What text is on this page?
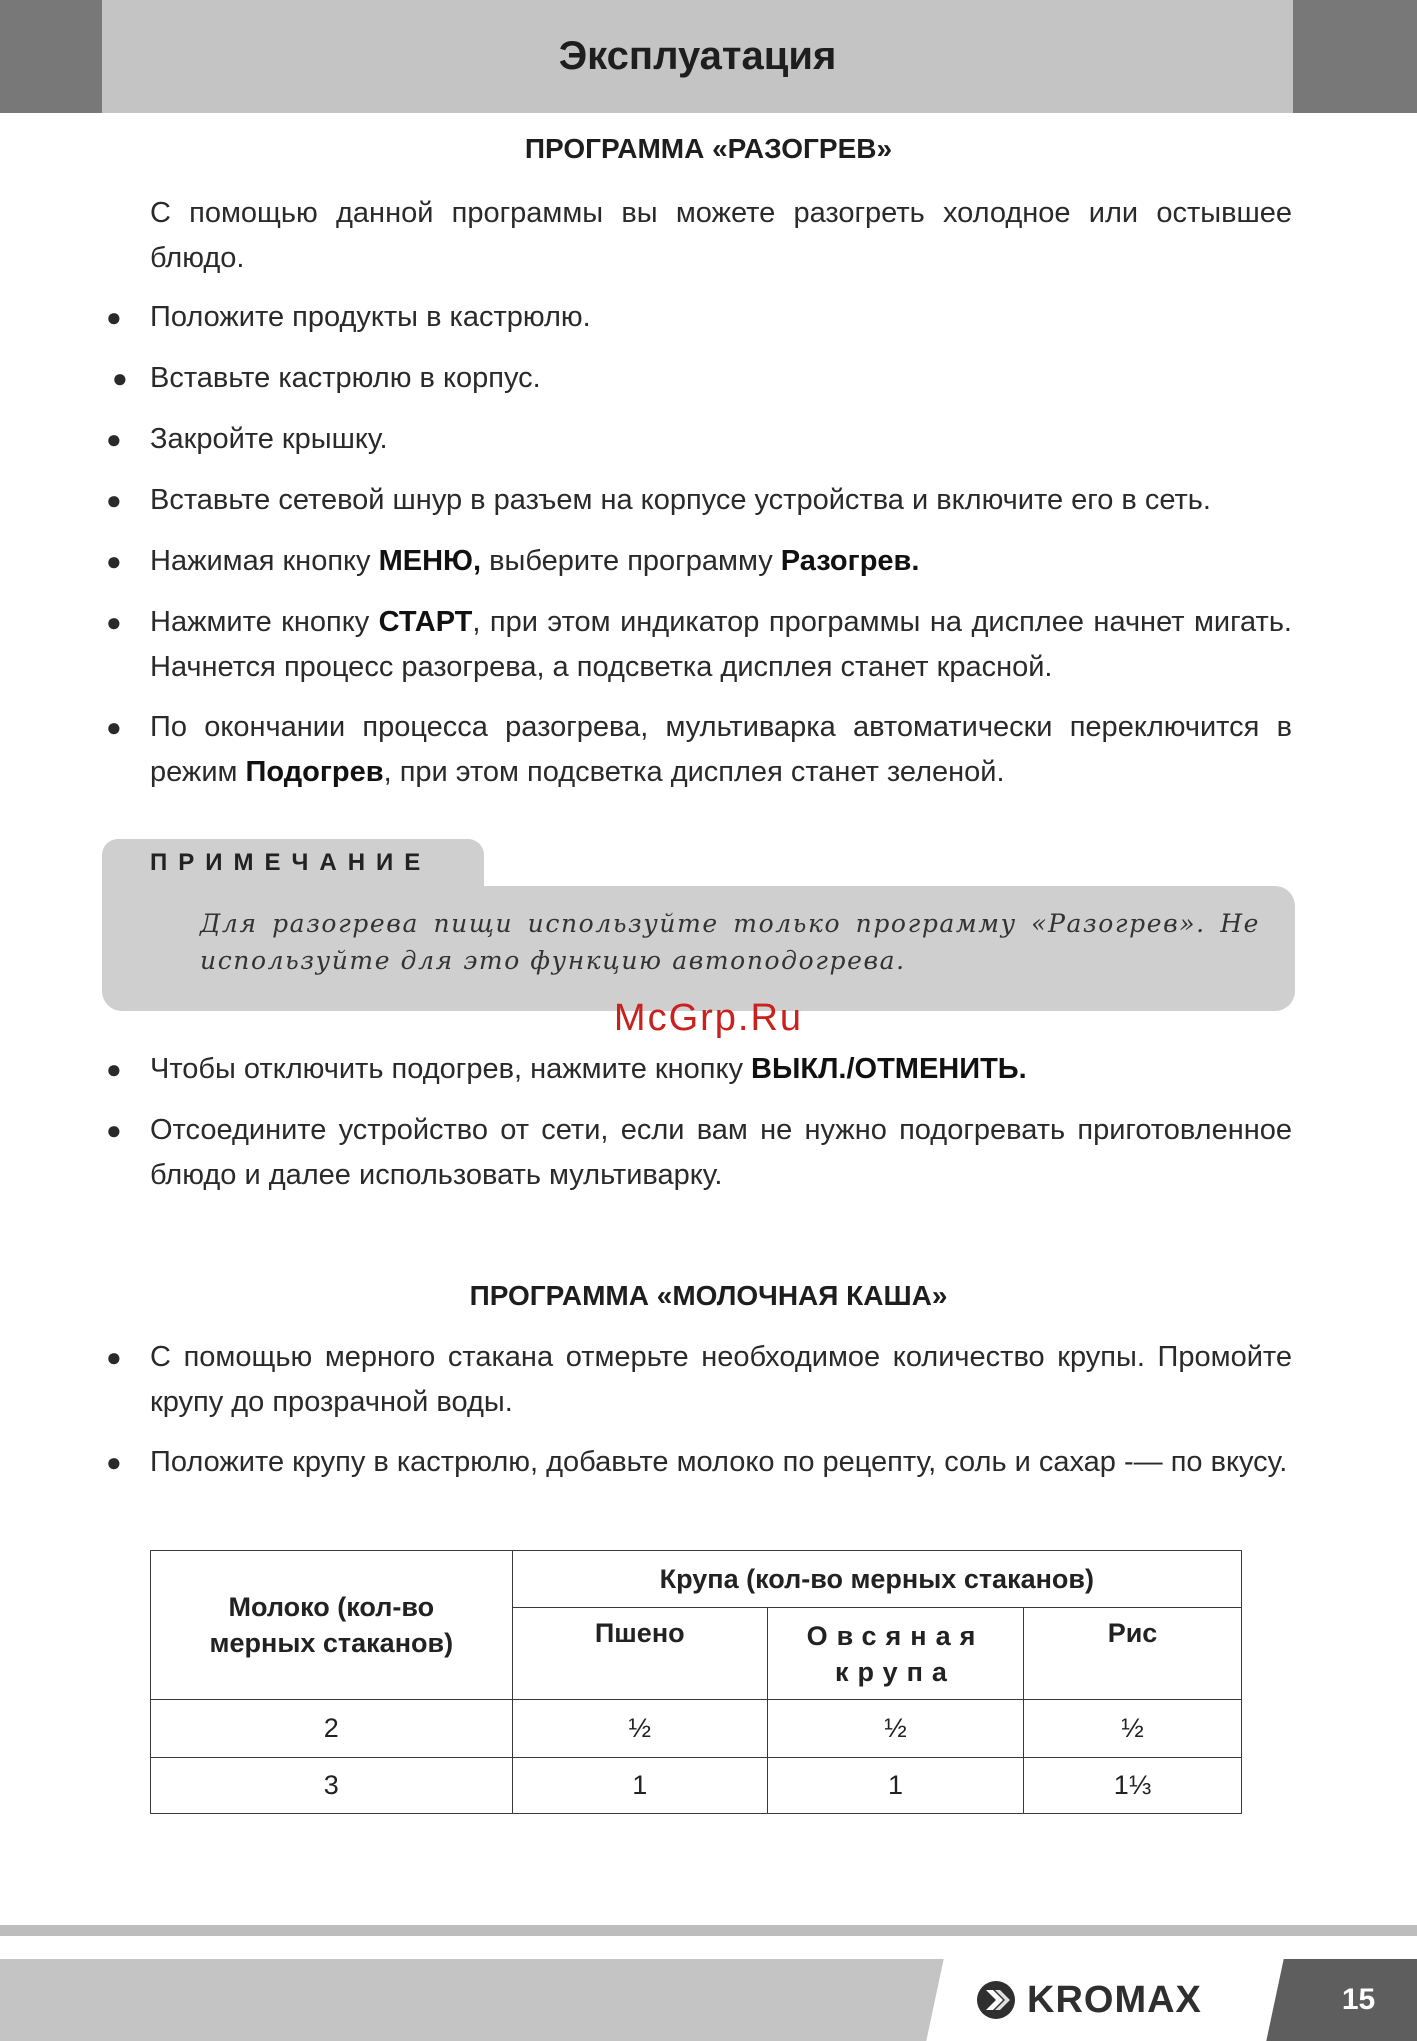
Эксплуатация
ПРОГРАММА «РАЗОГРЕВ»
С помощью данной программы вы можете разогреть холодное или остывшее блюдо.
● Положите продукты в кастрюлю.
● Вставьте кастрюлю в корпус.
● Закройте крышку.
● Вставьте сетевой шнур в разъем на корпусе устройства и включите его в сеть.
● Нажимая кнопку МЕНЮ, выберите программу Разогрев.
● Нажмите кнопку СТАРТ, при этом индикатор программы на дисплее начнет мигать. Начнется процесс разогрева, а подсветка дисплея станет красной.
● По окончании процесса разогрева, мультиварка автоматически переключится в режим Подогрев, при этом подсветка дисплея станет зеленой.
ПРИМЕЧАНИЕ
Для разогрева пищи используйте только программу «Разогрев». Не используйте для это функцию автоподогрева.
McGrp.Ru
● Чтобы отключить подогрев, нажмите кнопку ВЫКЛ./ОТМЕНИТЬ.
● Отсоедините устройство от сети, если вам не нужно подогревать приготовленное блюдо и далее использовать мультиварку.
ПРОГРАММА «МОЛОЧНАЯ КАША»
● С помощью мерного стакана отмерьте необходимое количество крупы. Промойте крупу до прозрачной воды.
● Положите крупу в кастрюлю, добавьте молоко по рецепту, соль и сахар -— по вкусу.
Молоко (кол-во мерных стаканов)	Крупа (кол-во мерных стаканов)		
	Пшено	Овсяная крупа	Рис
2	½	½	½
3	1	1	1⅓
15
KROMAX
